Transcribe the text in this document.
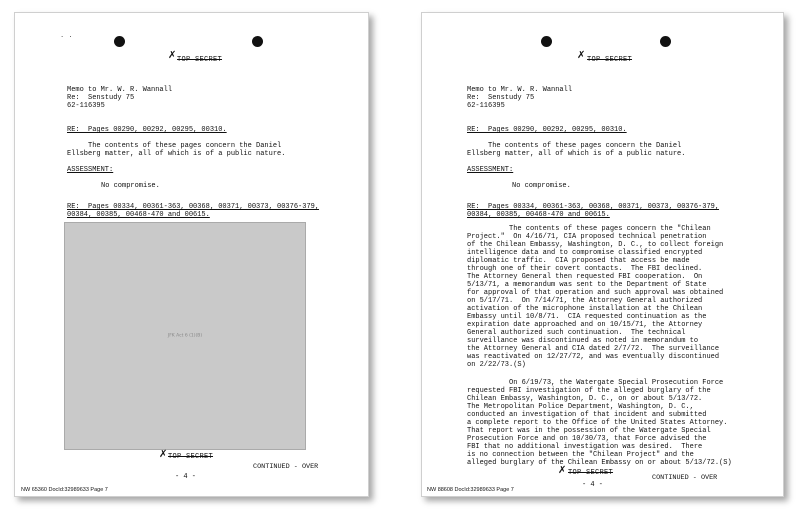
· ·
✗ TOP SECRET
Memo to Mr. W. R. Wannall
Re:  Senstudy 75
62-116395
RE:  Pages 00290, 00292, 00295, 00310.
The contents of these pages concern the Daniel
Ellsberg matter, all of which is of a public nature.
ASSESSMENT:
No compromise.
RE:  Pages 00334, 00361-363, 00368, 00371, 00373, 00376-379,
00384, 00385, 00468-470 and 00615.
JFK Act 6 (1)(B)
✗ TOP SECRET
CONTINUED - OVER
- 4 -
NW 65360 DocId:32989633 Page 7
✗ TOP SECRET
Memo to Mr. W. R. Wannall
Re:  Senstudy 75
62-116395
RE:  Pages 00290, 00292, 00295, 00310.
The contents of these pages concern the Daniel
Ellsberg matter, all of which is of a public nature.
ASSESSMENT:
No compromise.
RE:  Pages 00334, 00361-363, 00368, 00371, 00373, 00376-379,
00384, 00385, 00468-470 and 00615.
The contents of these pages concern the "Chilean
Project."  On 4/16/71, CIA proposed technical penetration
of the Chilean Embassy, Washington, D. C., to collect foreign
intelligence data and to compromise classified encrypted
diplomatic traffic.  CIA proposed that access be made
through one of their covert contacts.  The FBI declined.
The Attorney General then requested FBI cooperation.  On
5/13/71, a memorandum was sent to the Department of State
for approval of that operation and such approval was obtained
on 5/17/71.  On 7/14/71, the Attorney General authorized
activation of the microphone installation at the Chilean
Embassy until 10/8/71.  CIA requested continuation as the
expiration date approached and on 10/15/71, the Attorney
General authorized such continuation.  The technical
surveillance was discontinued as noted in memorandum to
the Attorney General and CIA dated 2/7/72.  The surveillance
was reactivated on 12/27/72, and was eventually discontinued
on 2/22/73.(S)
On 6/19/73, the Watergate Special Prosecution Force
requested FBI investigation of the alleged burglary of the
Chilean Embassy, Washington, D. C., on or about 5/13/72.
The Metropolitan Police Department, Washington, D. C.,
conducted an investigation of that incident and submitted
a complete report to the Office of the United States Attorney.
That report was in the possession of the Watergate Special
Prosecution Force and on 10/30/73, that Force advised the
FBI that no additional investigation was desired.  There
is no connection between the "Chilean Project" and the
alleged burglary of the Chilean Embassy on or about 5/13/72.(S)
✗ TOP SECRET
CONTINUED - OVER
- 4 -
NW 88608 DocId:32989633 Page 7
